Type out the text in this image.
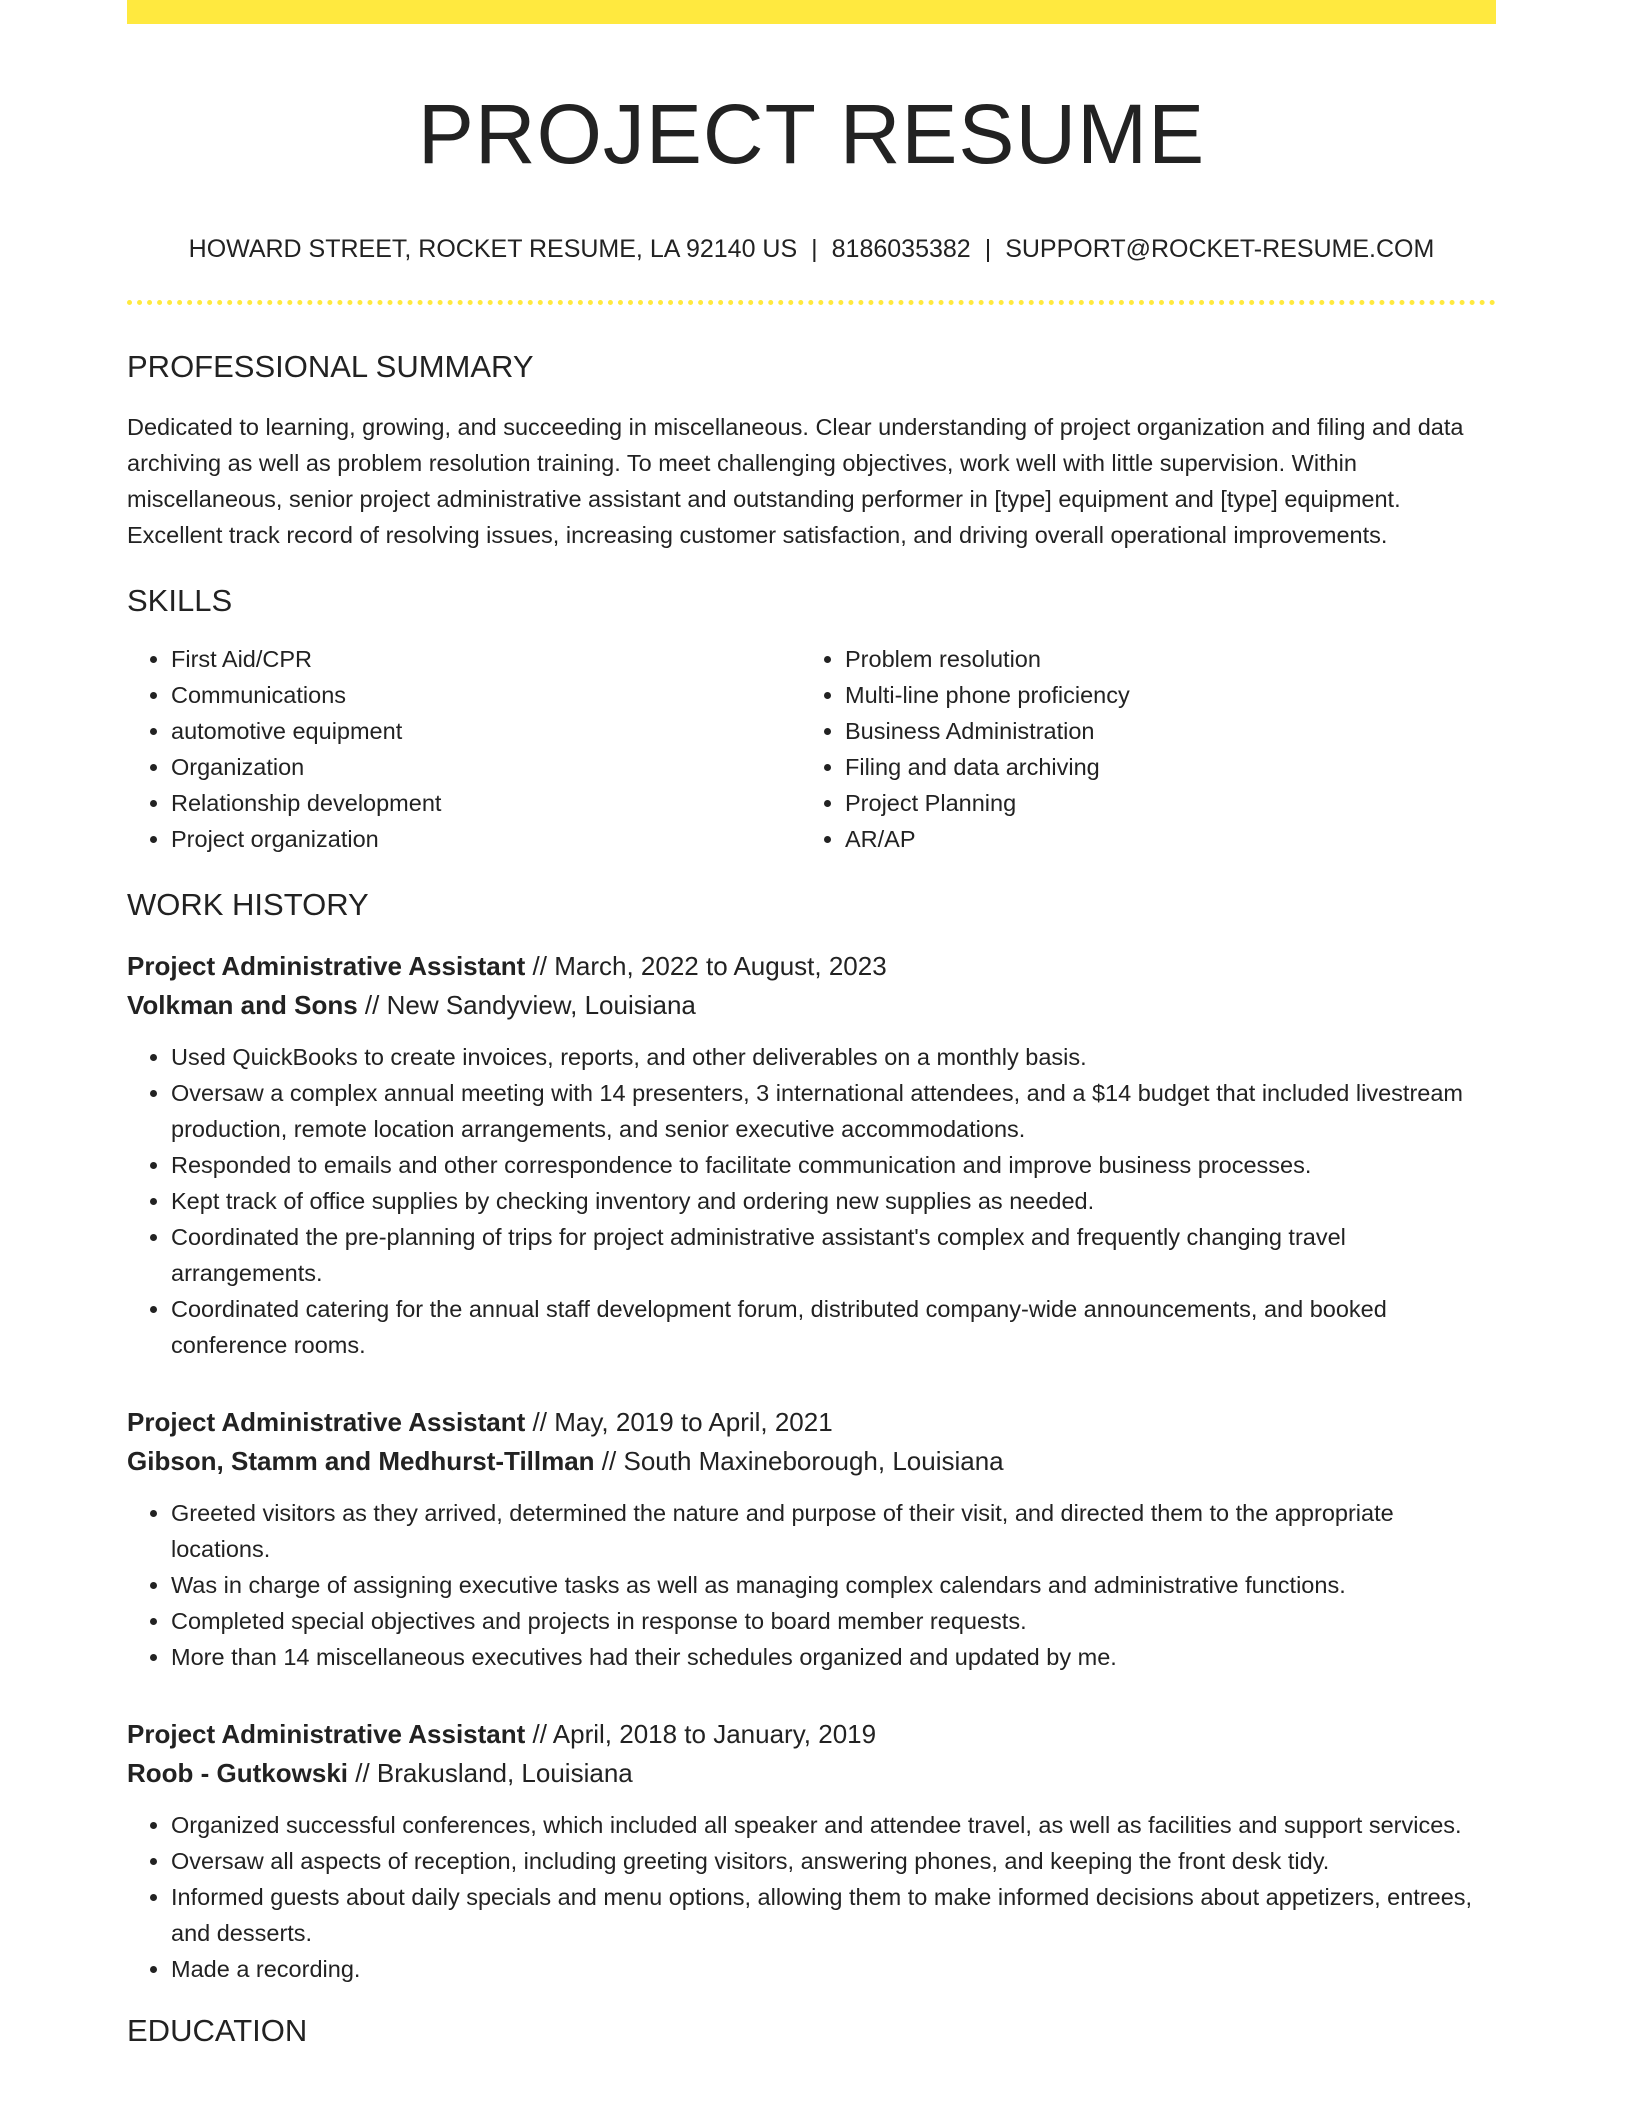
PROJECT RESUME
HOWARD STREET, ROCKET RESUME, LA 92140 US | 8186035382 | SUPPORT@ROCKET-RESUME.COM
PROFESSIONAL SUMMARY
Dedicated to learning, growing, and succeeding in miscellaneous. Clear understanding of project organization and filing and data archiving as well as problem resolution training. To meet challenging objectives, work well with little supervision. Within miscellaneous, senior project administrative assistant and outstanding performer in [type] equipment and [type] equipment. Excellent track record of resolving issues, increasing customer satisfaction, and driving overall operational improvements.
SKILLS
• First Aid/CPR
• Communications
• automotive equipment
• Organization
• Relationship development
• Project organization
• Problem resolution
• Multi-line phone proficiency
• Business Administration
• Filing and data archiving
• Project Planning
• AR/AP
WORK HISTORY
Project Administrative Assistant // March, 2022 to August, 2023
Volkman and Sons // New Sandyview, Louisiana
• Used QuickBooks to create invoices, reports, and other deliverables on a monthly basis.
• Oversaw a complex annual meeting with 14 presenters, 3 international attendees, and a $14 budget that included livestream production, remote location arrangements, and senior executive accommodations.
• Responded to emails and other correspondence to facilitate communication and improve business processes.
• Kept track of office supplies by checking inventory and ordering new supplies as needed.
• Coordinated the pre-planning of trips for project administrative assistant's complex and frequently changing travel arrangements.
• Coordinated catering for the annual staff development forum, distributed company-wide announcements, and booked conference rooms.
Project Administrative Assistant // May, 2019 to April, 2021
Gibson, Stamm and Medhurst-Tillman // South Maxineborough, Louisiana
• Greeted visitors as they arrived, determined the nature and purpose of their visit, and directed them to the appropriate locations.
• Was in charge of assigning executive tasks as well as managing complex calendars and administrative functions.
• Completed special objectives and projects in response to board member requests.
• More than 14 miscellaneous executives had their schedules organized and updated by me.
Project Administrative Assistant // April, 2018 to January, 2019
Roob - Gutkowski // Brakusland, Louisiana
• Organized successful conferences, which included all speaker and attendee travel, as well as facilities and support services.
• Oversaw all aspects of reception, including greeting visitors, answering phones, and keeping the front desk tidy.
• Informed guests about daily specials and menu options, allowing them to make informed decisions about appetizers, entrees, and desserts.
• Made a recording.
EDUCATION
